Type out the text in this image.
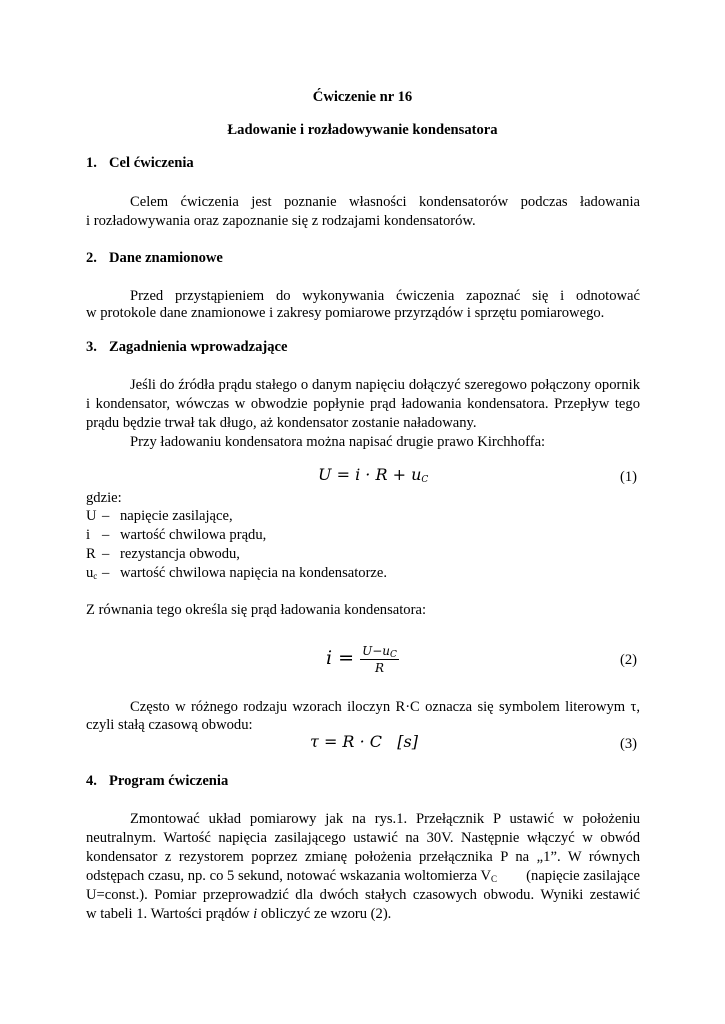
Ćwiczenie nr 16
Ładowanie i rozładowywanie kondensatora
1. Cel ćwiczenia
Celem ćwiczenia jest poznanie własności kondensatorów podczas ładowania
i rozładowywania oraz zapoznanie się z rodzajami kondensatorów.
2. Dane znamionowe
Przed przystąpieniem do wykonywania ćwiczenia zapoznać się i odnotować
w protokole dane znamionowe i zakresy pomiarowe przyrządów i sprzętu pomiarowego.
3. Zagadnienia wprowadzające
Jeśli do źródła prądu stałego o danym napięciu dołączyć szeregowo połączony opornik
i kondensator, wówczas w obwodzie popłynie prąd ładowania kondensatora. Przepływ tego
prądu będzie trwał tak długo, aż kondensator zostanie naładowany.
Przy ładowaniu kondensatora można napisać drugie prawo Kirchhoffa:
$U = i \cdot R + u_C$	(1)
gdzie:
U – napięcie zasilające,
i – wartość chwilowa prądu,
R – rezystancja obwodu,
$u_c$ – wartość chwilowa napięcia na kondensatorze.
Z równania tego określa się prąd ładowania kondensatora:
$i = \frac{U-u_C}{R}$	(2)
Często w różnego rodzaju wzorach iloczyn R·C oznacza się symbolem literowym τ,
czyli stałą czasową obwodu:
τ = R · C   [s]	(3)
4. Program ćwiczenia
Zmontować układ pomiarowy jak na rys.1. Przełącznik P ustawić w położeniu
neutralnym. Wartość napięcia zasilającego ustawić na 30V. Następnie włączyć w obwód
kondensator z rezystorem poprzez zmianę położenia przełącznika P na „1”. W równych
odstępach czasu, np. co 5 sekund, notować wskazania woltomierza $V_C$ (napięcie zasilające
U=const.). Pomiar przeprowadzić dla dwóch stałych czasowych obwodu. Wyniki zestawić
w tabeli 1. Wartości prądów i obliczyć ze wzoru (2).
